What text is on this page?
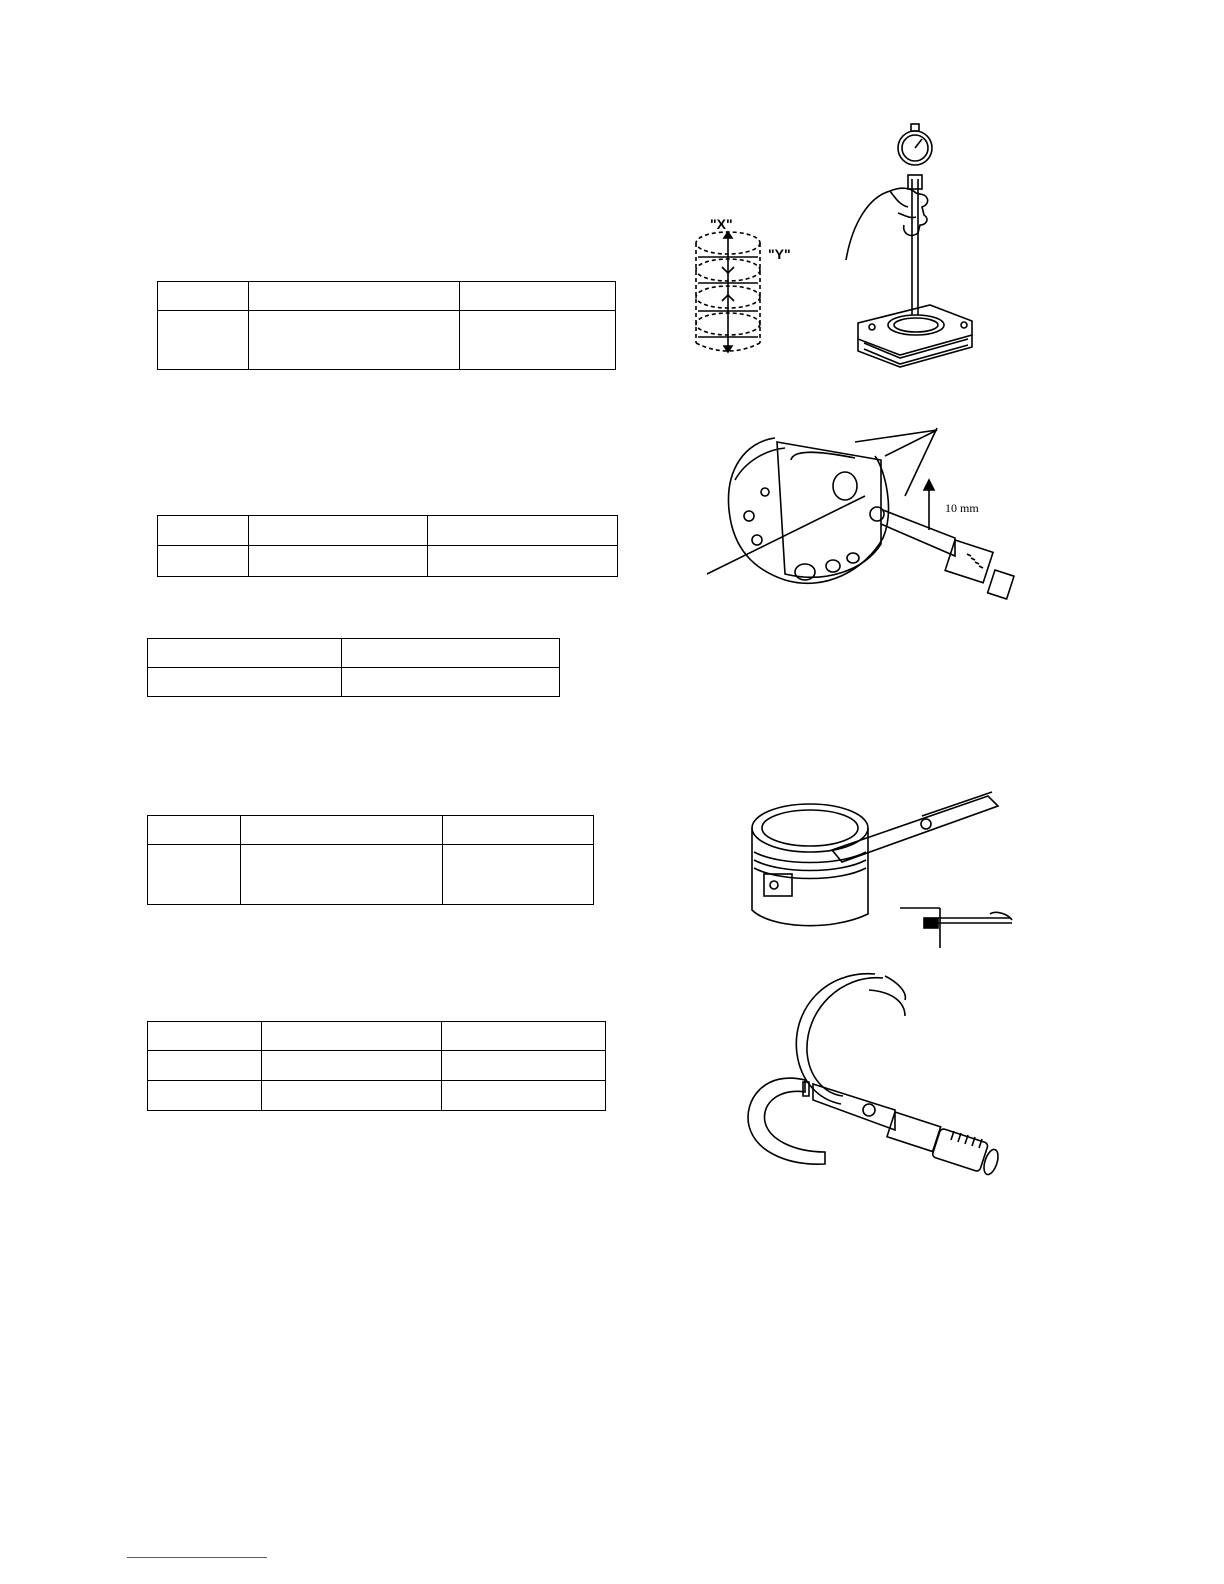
"X"
"Y"
10 mm
